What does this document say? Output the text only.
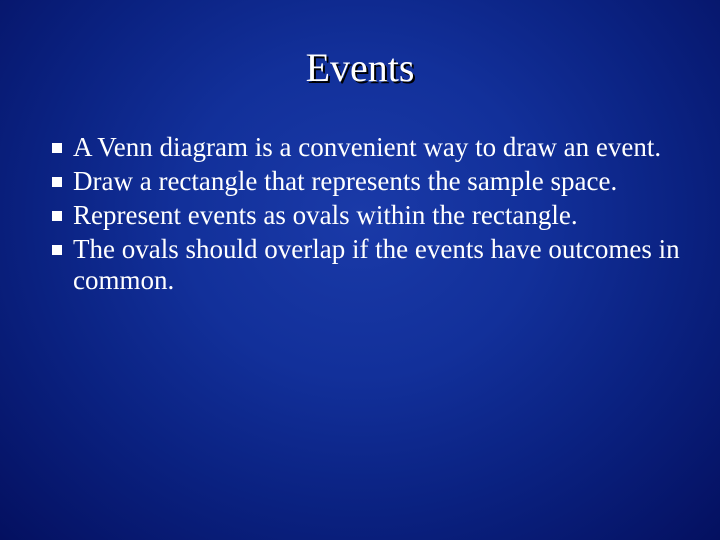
Events
A Venn diagram is a convenient way to draw an event.
Draw a rectangle that represents the sample space.
Represent events as ovals within the rectangle.
The ovals should overlap if the events have outcomes in common.
